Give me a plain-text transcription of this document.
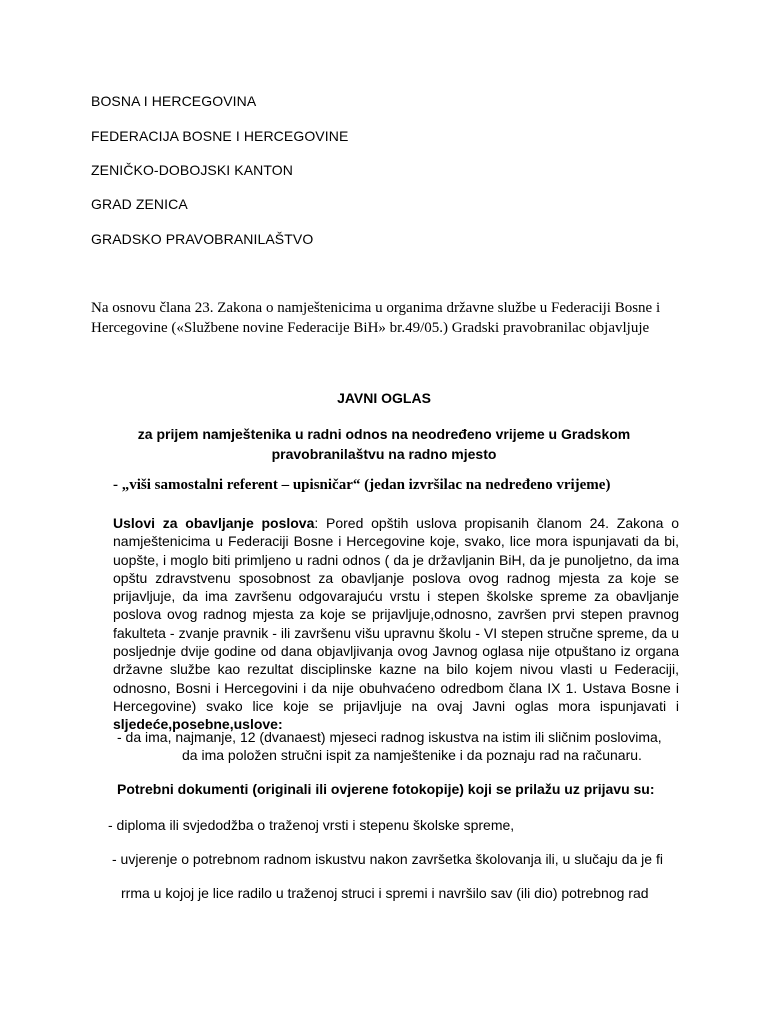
BOSNA I HERCEGOVINA
FEDERACIJA BOSNE I HERCEGOVINE
ZENIČKO-DOBOJSKI KANTON
GRAD ZENICA
GRADSKO PRAVOBRANILAŠTVO
Na osnovu člana 23. Zakona o namještenicima u organima državne službe u Federaciji Bosne i
Hercegovine («Službene novine Federacije BiH» br.49/05.) Gradski pravobranilac objavljuje
JAVNI OGLAS
za prijem namještenika u radni odnos na neodređeno vrijeme u Gradskom
pravobranilaštvu na radno mjesto
- „viši samostalni referent – upisničar“ (jedan izvršilac na nedređeno vrijeme)
Uslovi za obavljanje poslova: Pored opštih uslova propisanih članom 24. Zakona o
namještenicima u Federaciji Bosne i Hercegovine koje, svako, lice mora ispunjavati da bi,
uopšte, i moglo biti primljeno u radni odnos ( da je državljanin BiH, da je punoljetno, da ima
opštu zdravstvenu sposobnost za obavljanje poslova ovog radnog mjesta za koje se
prijavljuje, da ima završenu odgovarajuću vrstu i stepen školske spreme za obavljanje
poslova ovog radnog mjesta za koje se prijavljuje,odnosno, završen prvi stepen pravnog
fakulteta - zvanje pravnik - ili završenu višu upravnu školu - VI stepen stručne spreme, da u
posljednje dvije godine od dana objavljivanja ovog Javnog oglasa nije otpuštano iz organa
državne službe kao rezultat disciplinske kazne na bilo kojem nivou vlasti u Federaciji,
odnosno, Bosni i Hercegovini i da nije obuhvaćeno odredbom člana IX 1. Ustava Bosne i
Hercegovine) svako lice koje se prijavljuje na ovaj Javni oglas mora ispunjavati i
sljedeće,posebne,uslove:
- da ima, najmanje, 12 (dvanaest) mjeseci radnog iskustva na istim ili sličnim poslovima,
da ima položen stručni ispit za namještenike i da poznaju rad na računaru.
Potrebni dokumenti (originali ili ovjerene fotokopije) koji se prilažu uz prijavu su:
- diploma ili svjedodžba o traženoj vrsti i stepenu školske spreme,
- uvjerenje o potrebnom radnom iskustvu nakon završetka školovanja ili, u slučaju da je fi
rrma u kojoj je lice radilo u traženoj struci i spremi i navršilo sav (ili dio) potrebnog rad
